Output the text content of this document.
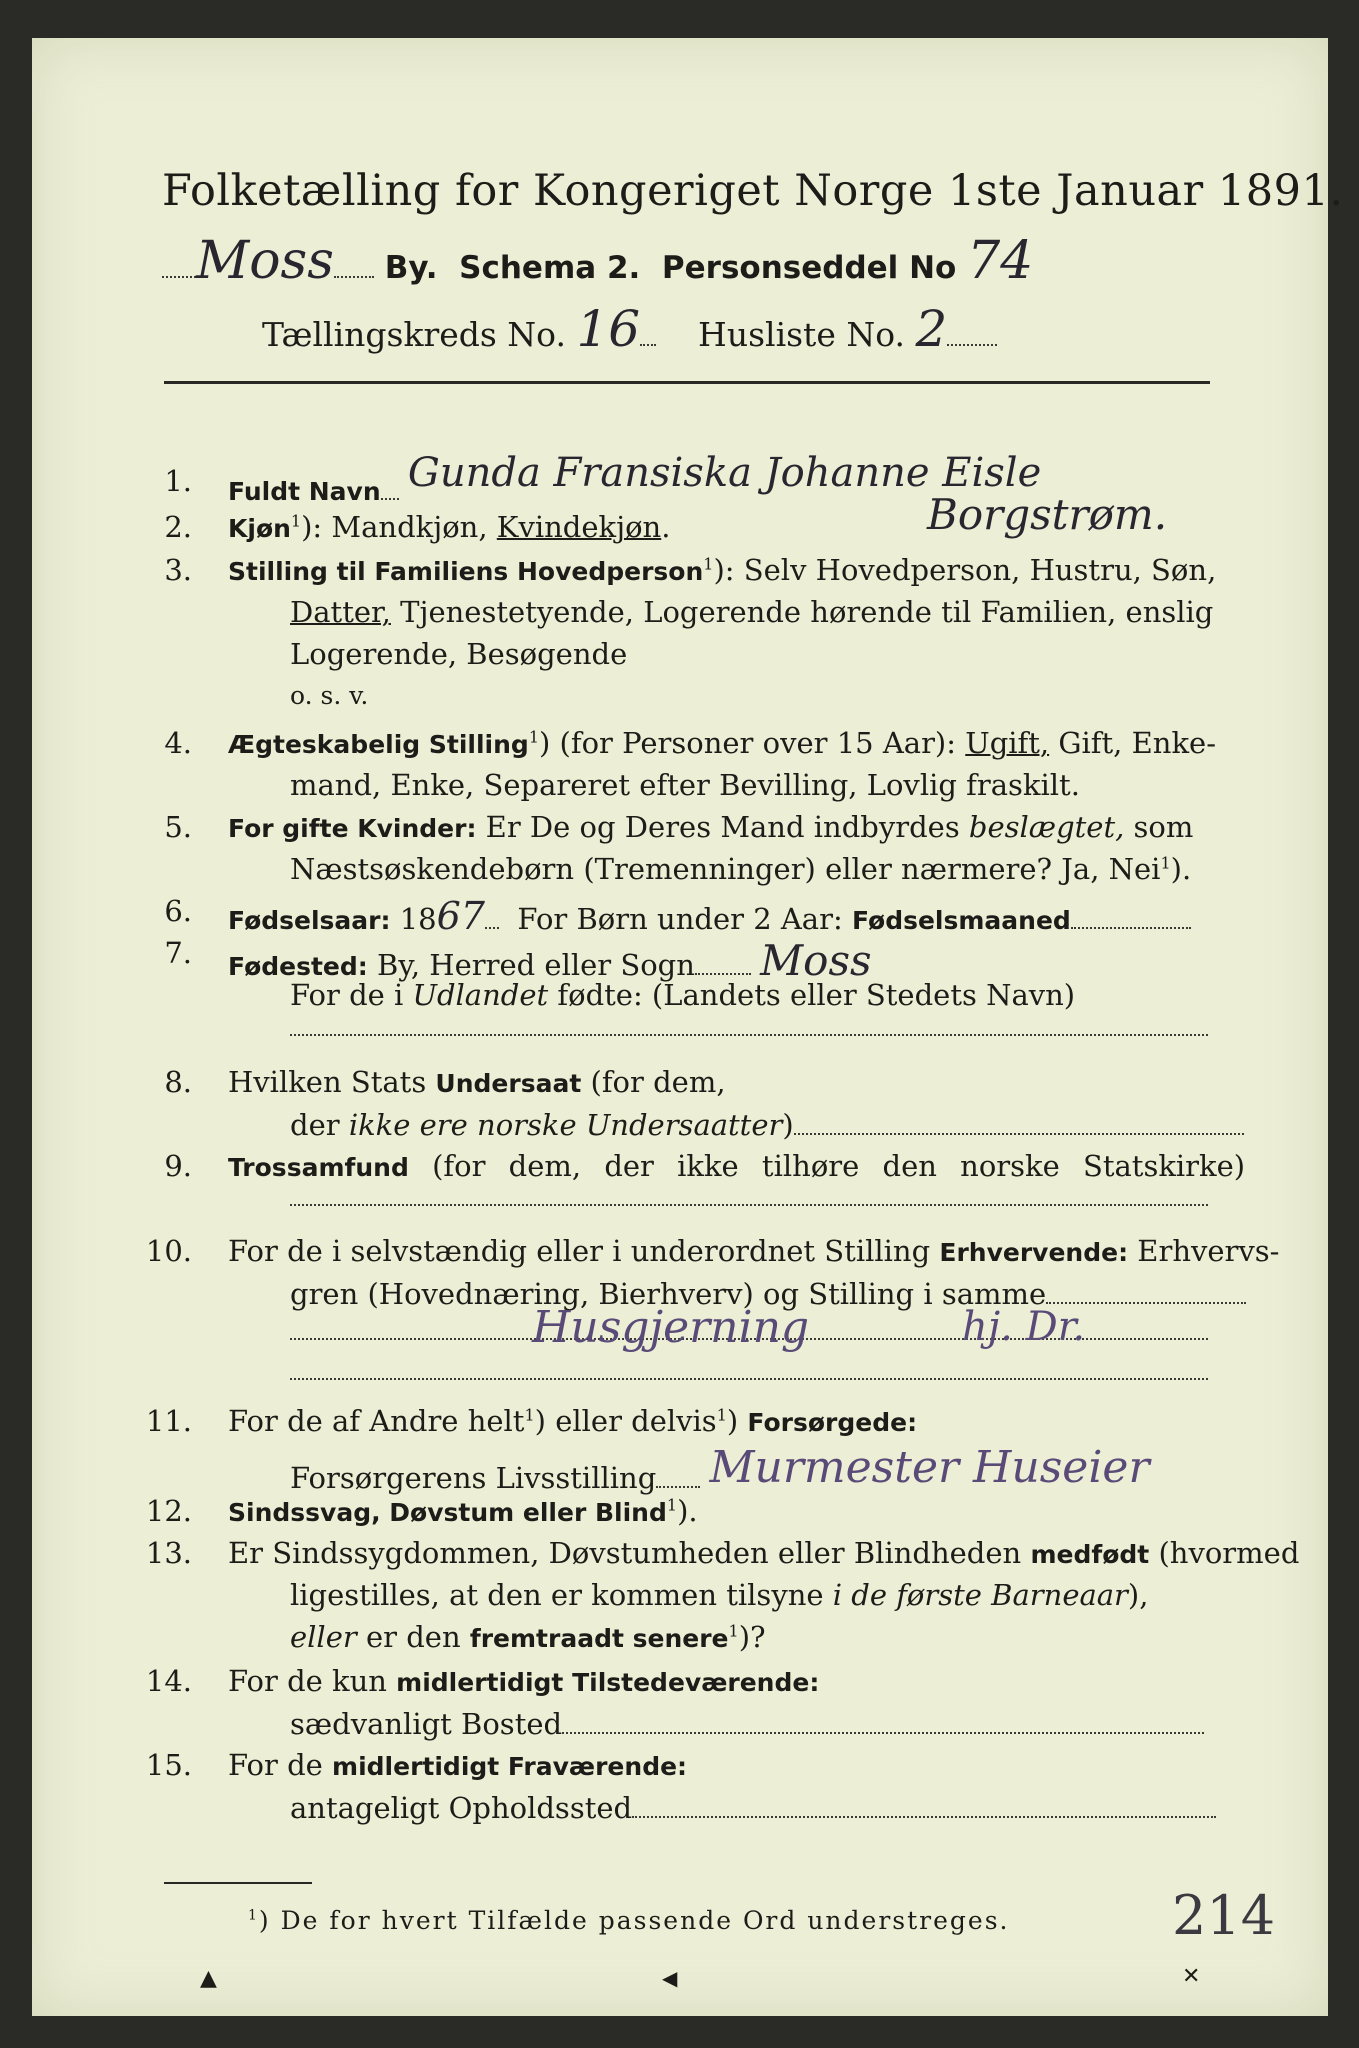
Folketælling for Kongeriget Norge 1ste Januar 1891.
Moss By. Schema 2. Personseddel No 74
Tællingskreds No. 16 Husliste No. 2
1. Fuldt Navn Gunda Fransiska Johanne Eisle
2. Kjøn$^1$): Mandkjøn, Kvindekjøn.	Borgstrøm.
3. Stilling til Familiens Hovedperson$^1$): Selv Hovedperson, Hustru, Søn,
Datter, Tjenestetyende, Logerende hørende til Familien, enslig
Logerende, Besøgende
o. s. v.
4. Ægteskabelig Stilling$^1$) (for Personer over 15 Aar): Ugift, Gift, Enke-
mand, Enke, Separeret efter Bevilling, Lovlig fraskilt.
5. For gifte Kvinder: Er De og Deres Mand indbyrdes beslægtet, som
Næstsøskendebørn (Tremenninger) eller nærmere? Ja, Nei$^1$).
6. Fødselsaar: 1867 For Børn under 2 Aar: Fødselsmaaned
7. Fødested: By, Herred eller Sogn Moss
For de i Udlandet fødte: (Landets eller Stedets Navn)
8. Hvilken Stats Undersaat (for dem,
der ikke ere norske Undersaatter)
9. Trossamfund (for dem, der ikke tilhøre den norske Statskirke)
10. For de i selvstændig eller i underordnet Stilling Erhvervende: Erhvervs-
gren (Hovednæring, Bierhverv) og Stilling i samme
Husgjerning	hj. Dr.
11. For de af Andre helt$^1$) eller delvis$^1$) Forsørgede:
Forsørgerens Livsstilling Murmester Huseier
12. Sindssvag, Døvstum eller Blind$^1$).
13. Er Sindssygdommen, Døvstumheden eller Blindheden medfødt (hvormed
ligestilles, at den er kommen tilsyne i de første Barneaar),
eller er den fremtraadt senere$^1$)?
14. For de kun midlertidigt Tilstedeværende:
sædvanligt Bosted
15. For de midlertidigt Fraværende:
antageligt Opholdssted
$^1$) De for hvert Tilfælde passende Ord understreges.	214
▲	◀	✕
